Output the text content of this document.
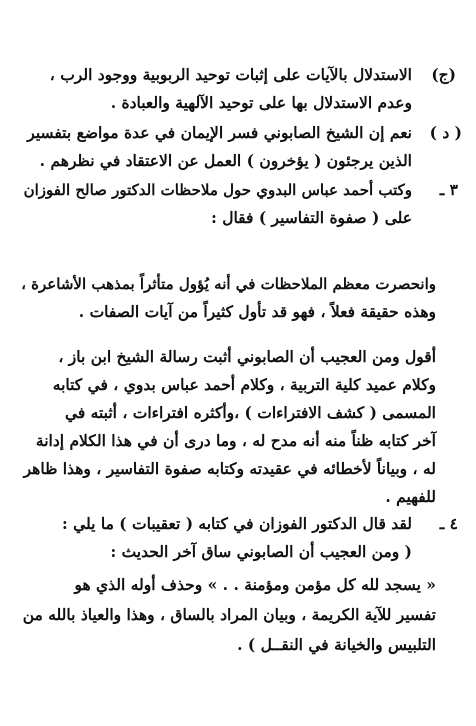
(ج)
الاستدلال بالآيات على إثبات توحيد الربوبية ووجود الرب ،
وعدم الاستدلال بها على توحيد الآلهية والعبادة .
( د )
نعم إن الشيخ الصابوني فسر الإيمان في عدة مواضع بتفسير
الذين يرجئون ( يؤخرون ) العمل عن الاعتقاد في نظرهم .
٣ ـ
وكتب أحمد عباس البدوي حول ملاحظات الدكتور صالح الفوزان
على ( صفوة التفاسير ) فقال :
وانحصرت معظم الملاحظات في أنه يُؤول متأثراً بمذهب الأشاعرة ،
وهذه حقيقة فعلاً ، فهو قد تأول كثيراً من آيات الصفات .
أقول ومن العجيب أن الصابوني أثبت رسالة الشيخ ابن باز ،
وكلام عميد كلية التربية ، وكلام أحمد عباس بدوي ، في كتابه
المسمى ( كشف الافتراءات ) ،وأكثره افتراءات ، أثبته في
آخر كتابه ظناً منه أنه مدح له ، وما درى أن في هذا الكلام إدانة
له ، وبياناً لأخطائه في عقيدته وكتابه صفوة التفاسير ، وهذا ظاهر
للفهيم .
٤ ـ
لقد قال الدكتور الفوزان في كتابه ( تعقيبات ) ما يلي :
( ومن العجيب أن الصابوني ساق آخر الحديث :
« يسجد لله كل مؤمن ومؤمنة . . » وحذف أوله الذي هو
تفسير للآية الكريمة ، وبيان المراد بالساق ، وهذا والعياذ بالله من
التلبيس والخيانة في النقــل ) .
